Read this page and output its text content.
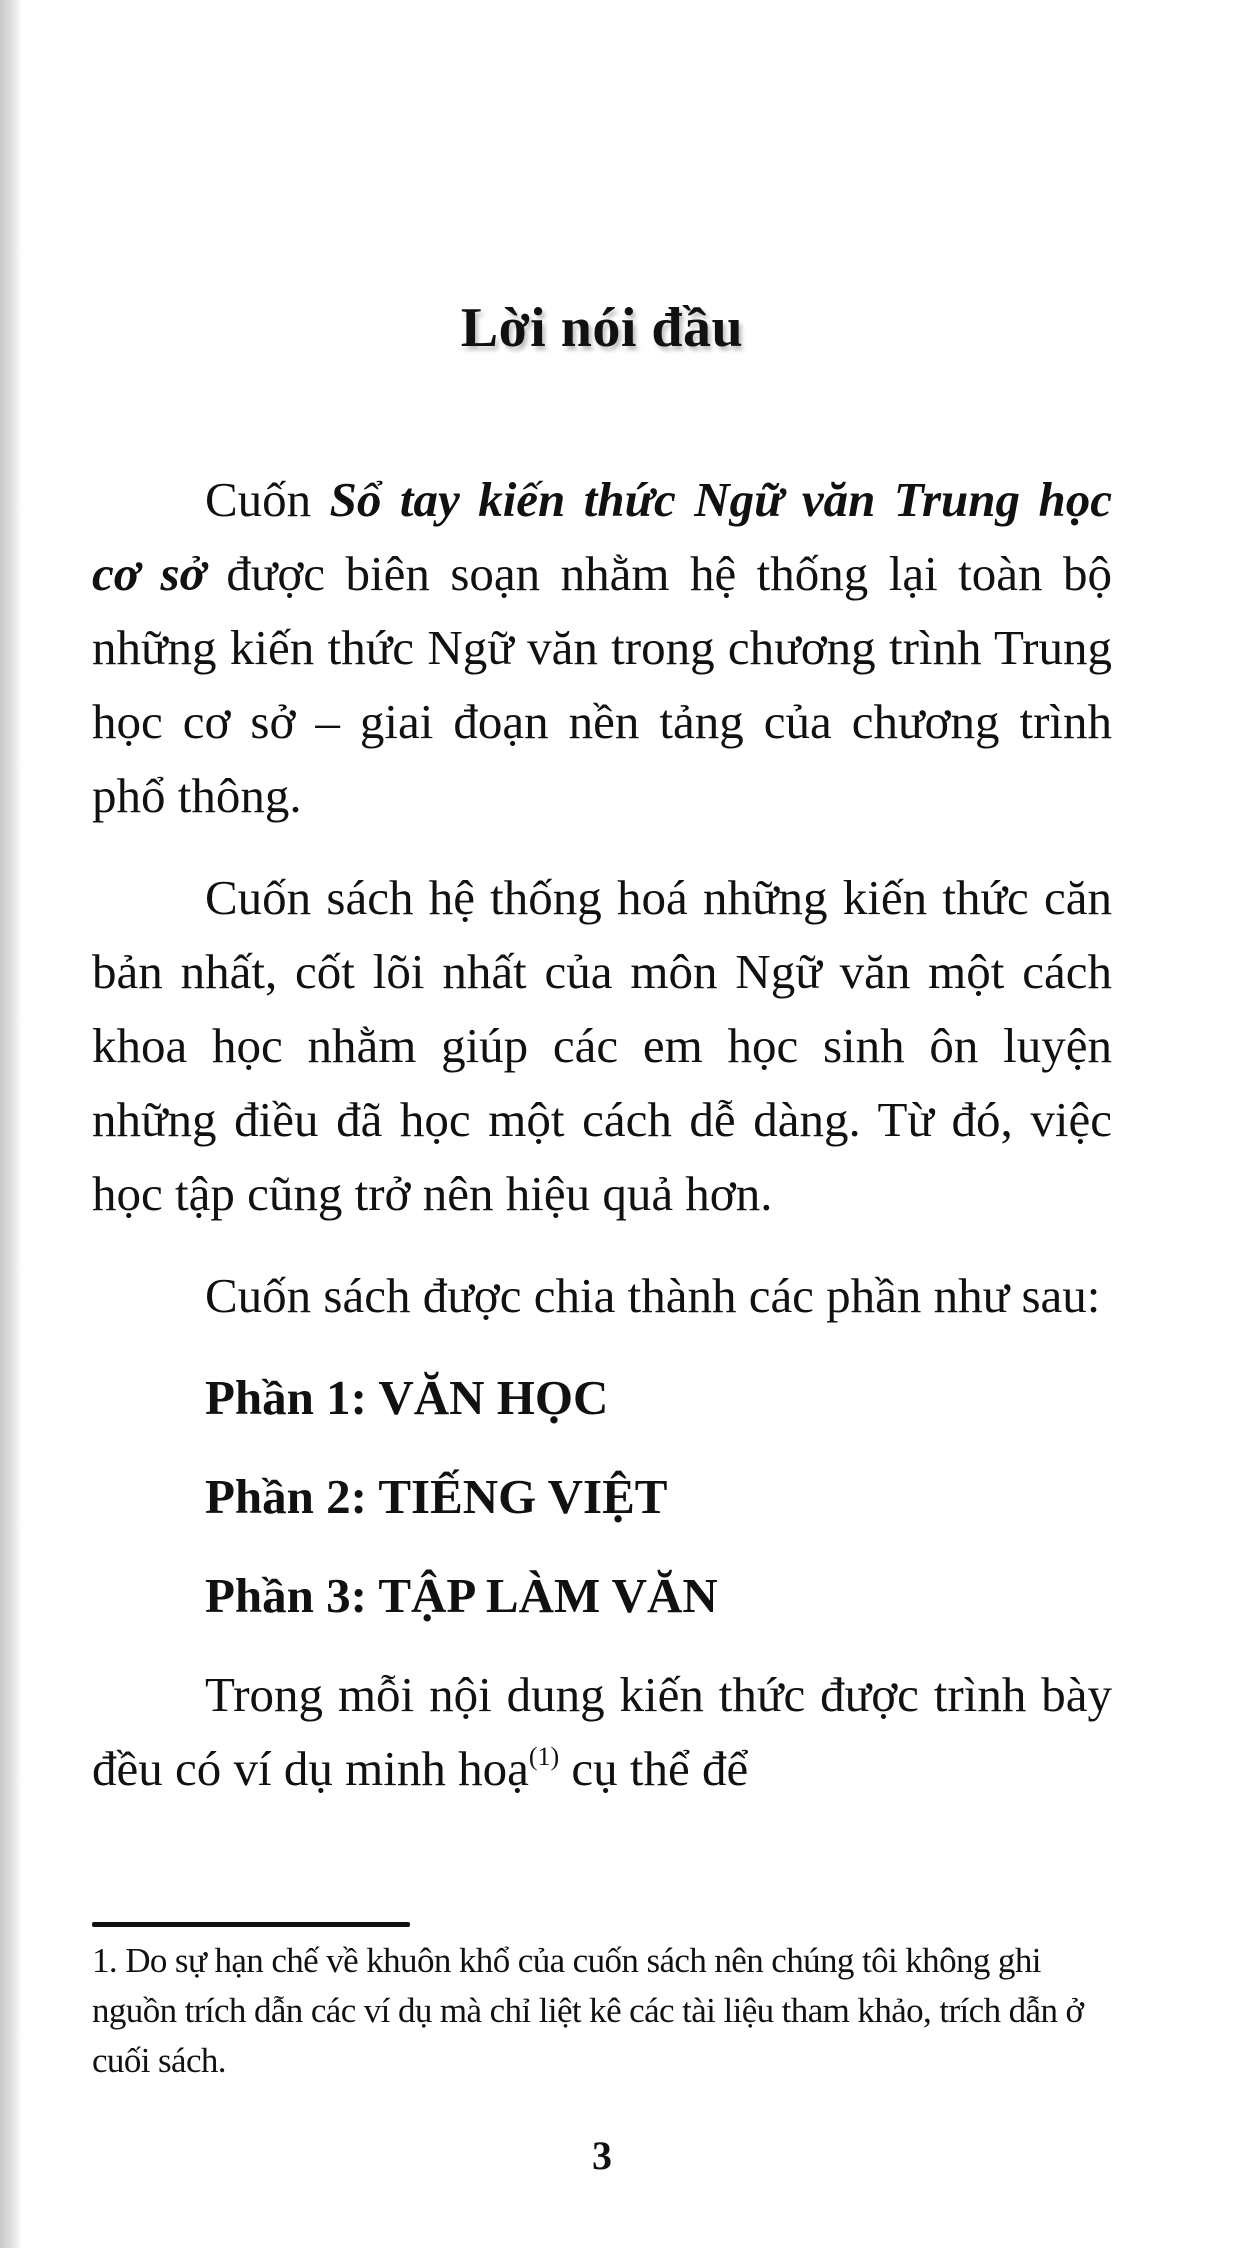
Lời nói đầu

Cuốn Sổ tay kiến thức Ngữ văn Trung học cơ sở được biên soạn nhằm hệ thống lại toàn bộ những kiến thức Ngữ văn trong chương trình Trung học cơ sở – giai đoạn nền tảng của chương trình phổ thông.

Cuốn sách hệ thống hoá những kiến thức căn bản nhất, cốt lõi nhất của môn Ngữ văn một cách khoa học nhằm giúp các em học sinh ôn luyện những điều đã học một cách dễ dàng. Từ đó, việc học tập cũng trở nên hiệu quả hơn.

Cuốn sách được chia thành các phần như sau:

Phần 1: VĂN HỌC
Phần 2: TIẾNG VIỆT
Phần 3: TẬP LÀM VĂN

Trong mỗi nội dung kiến thức được trình bày đều có ví dụ minh hoạ$^{(1)}$ cụ thể để

1. Do sự hạn chế về khuôn khổ của cuốn sách nên chúng tôi không ghi nguồn trích dẫn các ví dụ mà chỉ liệt kê các tài liệu tham khảo, trích dẫn ở cuối sách.
3
